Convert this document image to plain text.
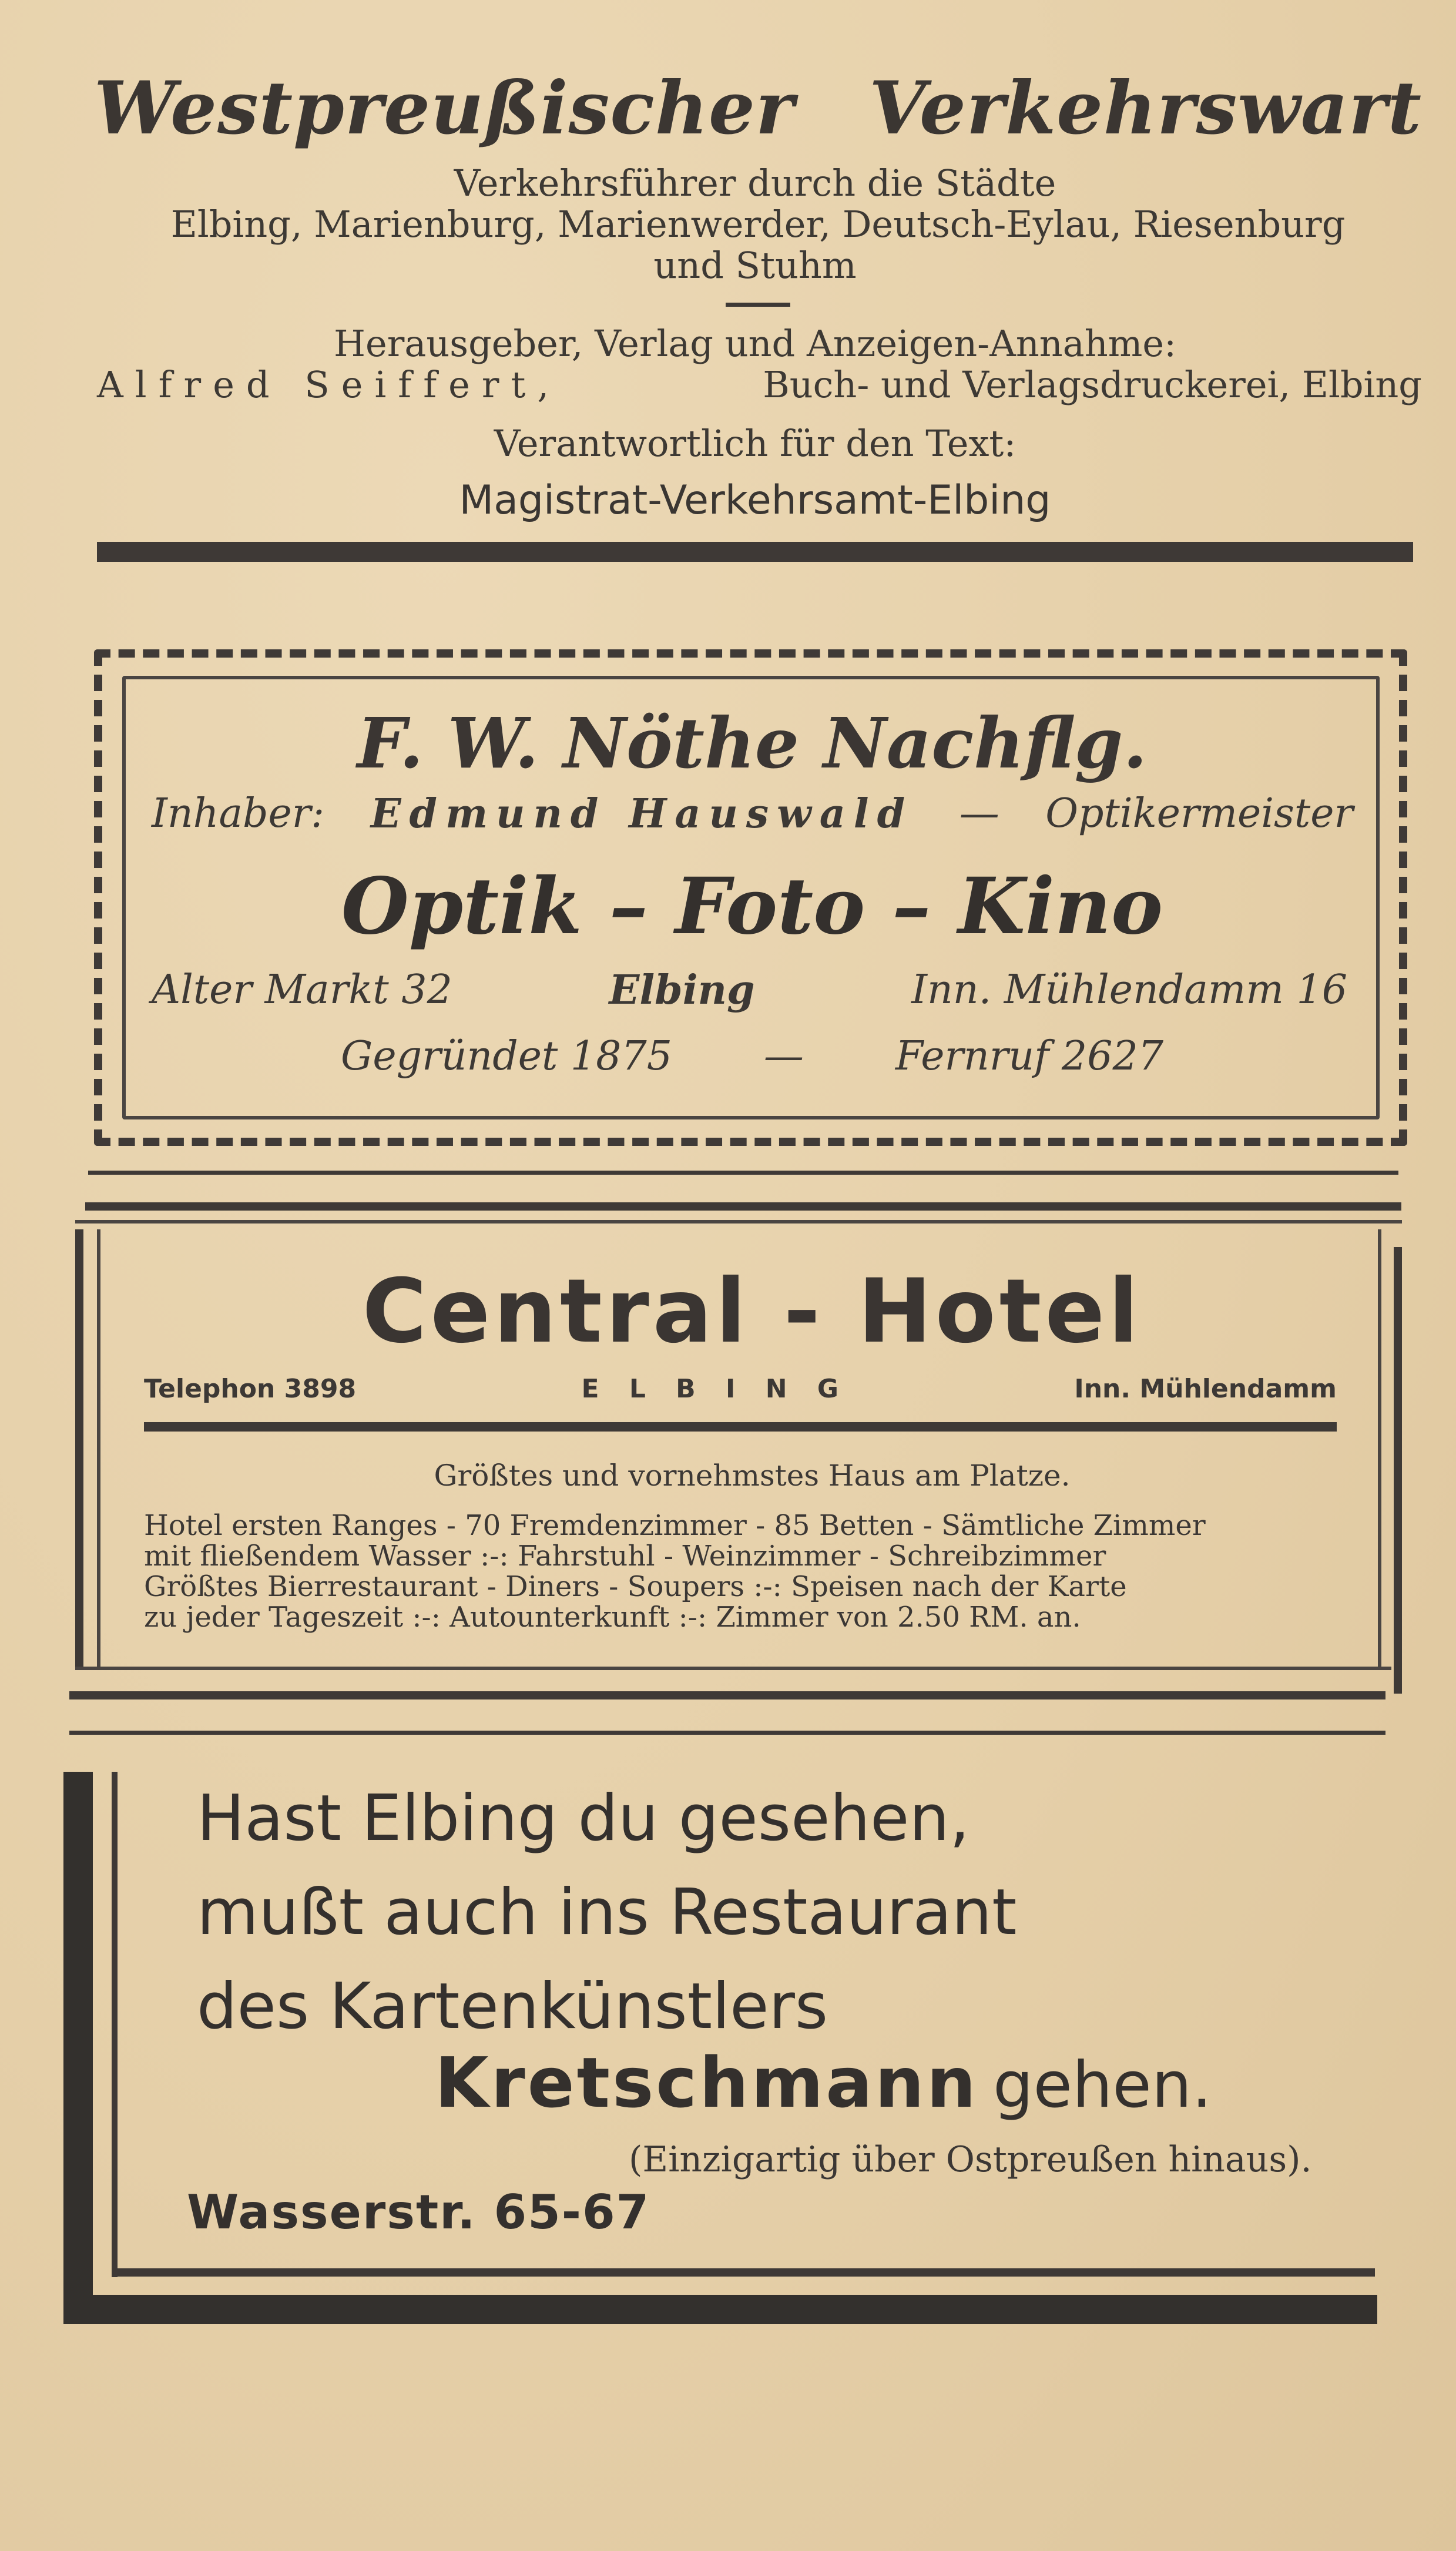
Westpreußischer Verkehrswart
Verkehrsführer durch die Städte
Elbing, Marienburg, Marienwerder, Deutsch-Eylau, Riesenburg
und Stuhm
Herausgeber, Verlag und Anzeigen-Annahme:
Alfred Seiffert,	Buch- und Verlagsdruckerei, Elbing
Verantwortlich für den Text:
Magistrat-Verkehrsamt-Elbing
F. W. Nöthe Nachflg.
Inhaber: Edmund Hauswald — Optikermeister
Optik – Foto – Kino
Alter Markt 32	Elbing	Inn. Mühlendamm 16
Gegründet 1875 — Fernruf 2627
Central - Hotel
Telephon 3898	E L B I N G	Inn. Mühlendamm
Größtes und vornehmstes Haus am Platze.
Hotel ersten Ranges - 70 Fremdenzimmer - 85 Betten - Sämtliche Zimmer
mit fließendem Wasser :-: Fahrstuhl - Weinzimmer - Schreibzimmer
Größtes Bierrestaurant - Diners - Soupers :-: Speisen nach der Karte
zu jeder Tageszeit :-: Autounterkunft :-: Zimmer von 2.50 RM. an.
Hast Elbing du gesehen,
mußt auch ins Restaurant
des Kartenkünstlers
Kretschmann gehen.
(Einzigartig über Ostpreußen hinaus).
Wasserstr. 65-67
